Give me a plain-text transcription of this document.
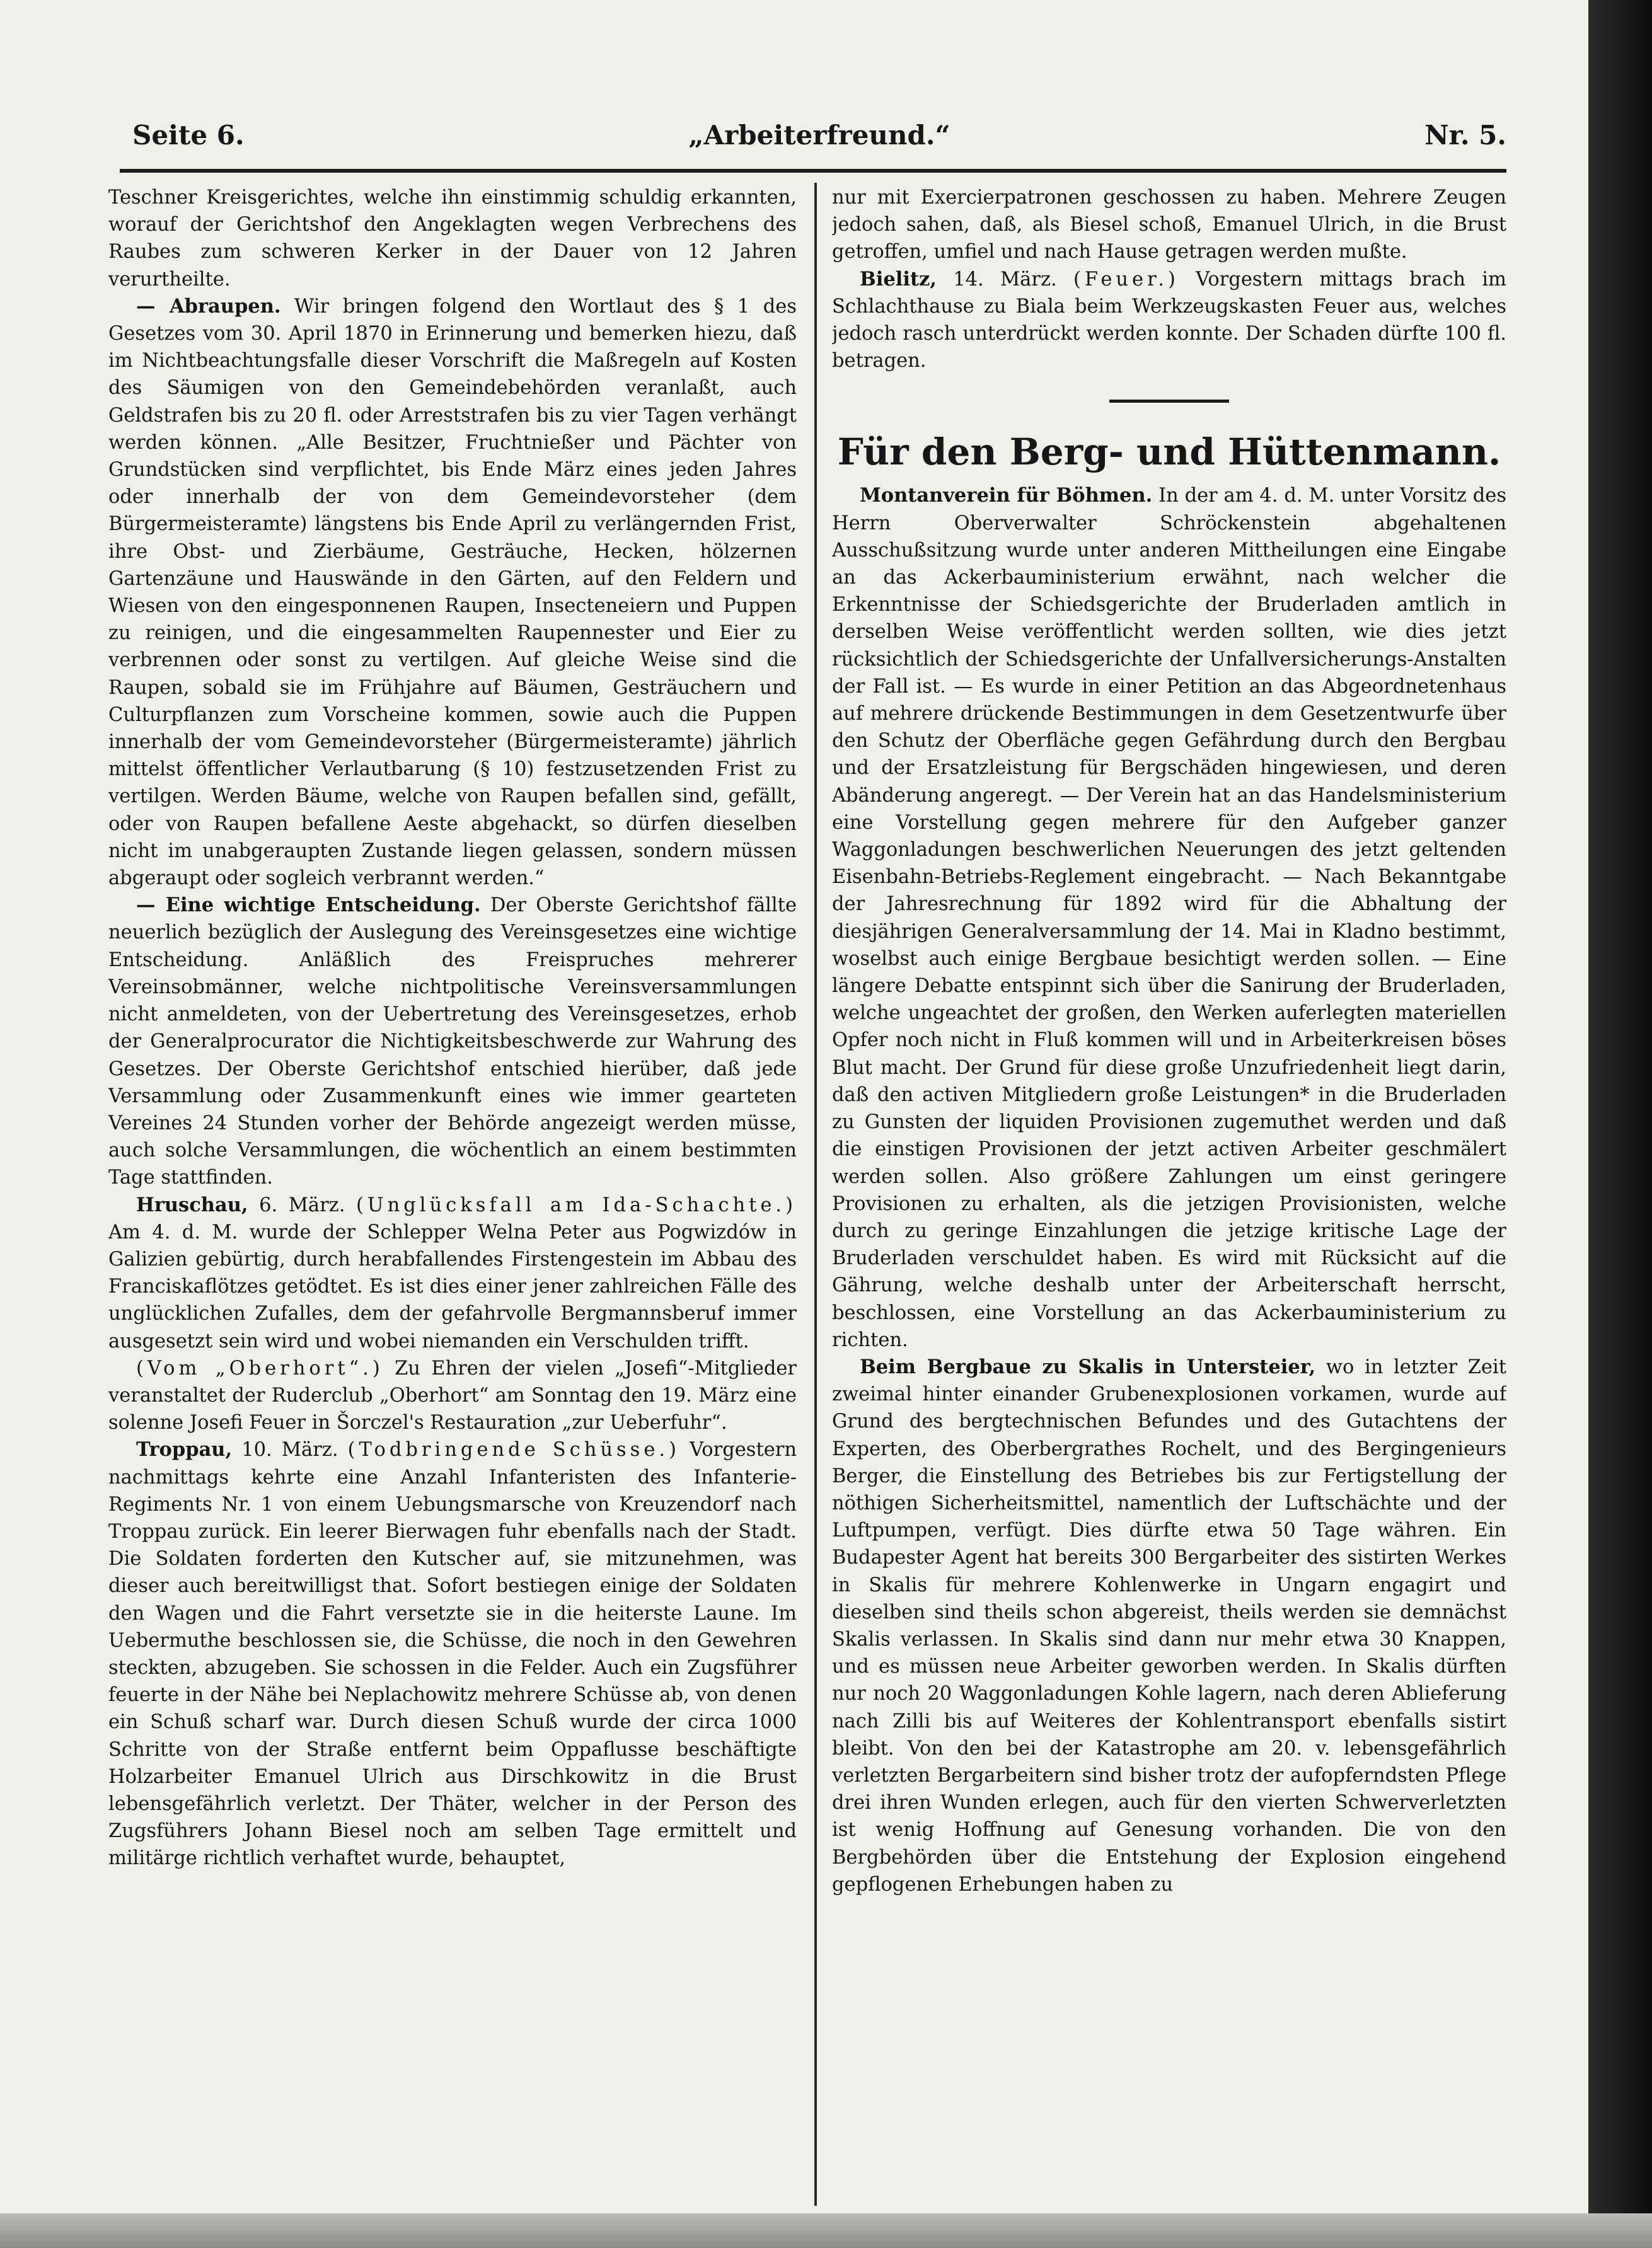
Seite 6.	„Arbeiterfreund.“	Nr. 5.

Teschner Kreisgerichtes, welche ihn einstimmig schuldig erkannten, worauf der Gerichtshof den Angeklagten wegen Verbrechens des Raubes zum schweren Kerker in der Dauer von 12 Jahren verurtheilte.

— Abraupen. Wir bringen folgend den Wortlaut des § 1 des Gesetzes vom 30. April 1870 in Erinnerung und bemerken hiezu, daß im Nichtbeachtungsfalle dieser Vorschrift die Maßregeln auf Kosten des Säumigen von den Gemeindebehörden veranlaßt, auch Geldstrafen bis zu 20 fl. oder Arreststrafen bis zu vier Tagen verhängt werden können. „Alle Besitzer, Fruchtnießer und Pächter von Grundstücken sind verpflichtet, bis Ende März eines jeden Jahres oder innerhalb der von dem Gemeindevorsteher (dem Bürgermeisteramte) längstens bis Ende April zu verlängernden Frist, ihre Obst- und Zierbäume, Gesträuche, Hecken, hölzernen Gartenzäune und Hauswände in den Gärten, auf den Feldern und Wiesen von den eingesponnenen Raupen, Insecteneiern und Puppen zu reinigen, und die eingesammelten Raupennester und Eier zu verbrennen oder sonst zu vertilgen. Auf gleiche Weise sind die Raupen, sobald sie im Frühjahre auf Bäumen, Gesträuchern und Culturpflanzen zum Vorscheine kommen, sowie auch die Puppen innerhalb der vom Gemeindevorsteher (Bürgermeisteramte) jährlich mittelst öffentlicher Verlautbarung (§ 10) festzusetzenden Frist zu vertilgen. Werden Bäume, welche von Raupen befallen sind, gefällt, oder von Raupen befallene Aeste abgehackt, so dürfen dieselben nicht im unabgeraupten Zustande liegen gelassen, sondern müssen abgeraupt oder sogleich verbrannt werden.“

— Eine wichtige Entscheidung. Der Oberste Gerichtshof fällte neuerlich bezüglich der Auslegung des Vereinsgesetzes eine wichtige Entscheidung. Anläßlich des Freispruches mehrerer Vereinsobmänner, welche nichtpolitische Vereinsversammlungen nicht anmeldeten, von der Uebertretung des Vereinsgesetzes, erhob der Generalprocurator die Nichtigkeitsbeschwerde zur Wahrung des Gesetzes. Der Oberste Gerichtshof entschied hierüber, daß jede Versammlung oder Zusammenkunft eines wie immer gearteten Vereines 24 Stunden vorher der Behörde angezeigt werden müsse, auch solche Versammlungen, die wöchentlich an einem bestimmten Tage stattfinden.

Hruschau, 6. März. (Unglücksfall am Ida-Schachte.) Am 4. d. M. wurde der Schlepper Welna Peter aus Pogwizdów in Galizien gebürtig, durch herabfallendes Firstengestein im Abbau des Franciskaflötzes getödtet. Es ist dies einer jener zahlreichen Fälle des unglücklichen Zufalles, dem der gefahrvolle Bergmannsberuf immer ausgesetzt sein wird und wobei niemanden ein Verschulden trifft.

(Vom „Oberhort“.) Zu Ehren der vielen „Josefi“-Mitglieder veranstaltet der Ruderclub „Oberhort“ am Sonntag den 19. März eine solenne Josefi Feuer in Šorczel's Restauration „zur Ueberfuhr“.

Troppau, 10. März. (Todbringende Schüsse.) Vorgestern nachmittags kehrte eine Anzahl Infanteristen des Infanterie-Regiments Nr. 1 von einem Uebungsmarsche von Kreuzendorf nach Troppau zurück. Ein leerer Bierwagen fuhr ebenfalls nach der Stadt. Die Soldaten forderten den Kutscher auf, sie mitzunehmen, was dieser auch bereitwilligst that. Sofort bestiegen einige der Soldaten den Wagen und die Fahrt versetzte sie in die heiterste Laune. Im Uebermuthe beschlossen sie, die Schüsse, die noch in den Gewehren steckten, abzugeben. Sie schossen in die Felder. Auch ein Zugsführer feuerte in der Nähe bei Neplachowitz mehrere Schüsse ab, von denen ein Schuß scharf war. Durch diesen Schuß wurde der circa 1000 Schritte von der Straße entfernt beim Oppaflusse beschäftigte Holzarbeiter Emanuel Ulrich aus Dirschkowitz in die Brust lebensgefährlich verletzt. Der Thäter, welcher in der Person des Zugsführers Johann Biesel noch am selben Tage ermittelt und militärge richtlich verhaftet wurde, behauptet,

nur mit Exercierpatronen geschossen zu haben. Mehrere Zeugen jedoch sahen, daß, als Biesel schoß, Emanuel Ulrich, in die Brust getroffen, umfiel und nach Hause getragen werden mußte.

Bielitz, 14. März. (Feuer.) Vorgestern mittags brach im Schlachthause zu Biala beim Werkzeugskasten Feuer aus, welches jedoch rasch unterdrückt werden konnte. Der Schaden dürfte 100 fl. betragen.

Für den Berg- und Hüttenmann.

Montanverein für Böhmen. In der am 4. d. M. unter Vorsitz des Herrn Oberverwalter Schröckenstein abgehaltenen Ausschußsitzung wurde unter anderen Mittheilungen eine Eingabe an das Ackerbauministerium erwähnt, nach welcher die Erkenntnisse der Schiedsgerichte der Bruderladen amtlich in derselben Weise veröffentlicht werden sollten, wie dies jetzt rücksichtlich der Schiedsgerichte der Unfallversicherungs-Anstalten der Fall ist. — Es wurde in einer Petition an das Abgeordnetenhaus auf mehrere drückende Bestimmungen in dem Gesetzentwurfe über den Schutz der Oberfläche gegen Gefährdung durch den Bergbau und der Ersatzleistung für Bergschäden hingewiesen, und deren Abänderung angeregt. — Der Verein hat an das Handelsministerium eine Vorstellung gegen mehrere für den Aufgeber ganzer Waggonladungen beschwerlichen Neuerungen des jetzt geltenden Eisenbahn-Betriebs-Reglement eingebracht. — Nach Bekanntgabe der Jahresrechnung für 1892 wird für die Abhaltung der diesjährigen Generalversammlung der 14. Mai in Kladno bestimmt, woselbst auch einige Bergbaue besichtigt werden sollen. — Eine längere Debatte entspinnt sich über die Sanirung der Bruderladen, welche ungeachtet der großen, den Werken auferlegten materiellen Opfer noch nicht in Fluß kommen will und in Arbeiterkreisen böses Blut macht. Der Grund für diese große Unzufriedenheit liegt darin, daß den activen Mitgliedern große Leistungen* in die Bruderladen zu Gunsten der liquiden Provisionen zugemuthet werden und daß die einstigen Provisionen der jetzt activen Arbeiter geschmälert werden sollen. Also größere Zahlungen um einst geringere Provisionen zu erhalten, als die jetzigen Provisionisten, welche durch zu geringe Einzahlungen die jetzige kritische Lage der Bruderladen verschuldet haben. Es wird mit Rücksicht auf die Gährung, welche deshalb unter der Arbeiterschaft herrscht, beschlossen, eine Vorstellung an das Ackerbauministerium zu richten.

Beim Bergbaue zu Skalis in Untersteier, wo in letzter Zeit zweimal hinter einander Grubenexplosionen vorkamen, wurde auf Grund des bergtechnischen Befundes und des Gutachtens der Experten, des Oberbergrathes Rochelt, und des Bergingenieurs Berger, die Einstellung des Betriebes bis zur Fertigstellung der nöthigen Sicherheitsmittel, namentlich der Luftschächte und der Luftpumpen, verfügt. Dies dürfte etwa 50 Tage währen. Ein Budapester Agent hat bereits 300 Bergarbeiter des sistirten Werkes in Skalis für mehrere Kohlenwerke in Ungarn engagirt und dieselben sind theils schon abgereist, theils werden sie demnächst Skalis verlassen. In Skalis sind dann nur mehr etwa 30 Knappen, und es müssen neue Arbeiter geworben werden. In Skalis dürften nur noch 20 Waggonladungen Kohle lagern, nach deren Ablieferung nach Zilli bis auf Weiteres der Kohlentransport ebenfalls sistirt bleibt. Von den bei der Katastrophe am 20. v. lebensgefährlich verletzten Bergarbeitern sind bisher trotz der aufopferndsten Pflege drei ihren Wunden erlegen, auch für den vierten Schwerverletzten ist wenig Hoffnung auf Genesung vorhanden. Die von den Bergbehörden über die Entstehung der Explosion eingehend gepflogenen Erhebungen haben zu
